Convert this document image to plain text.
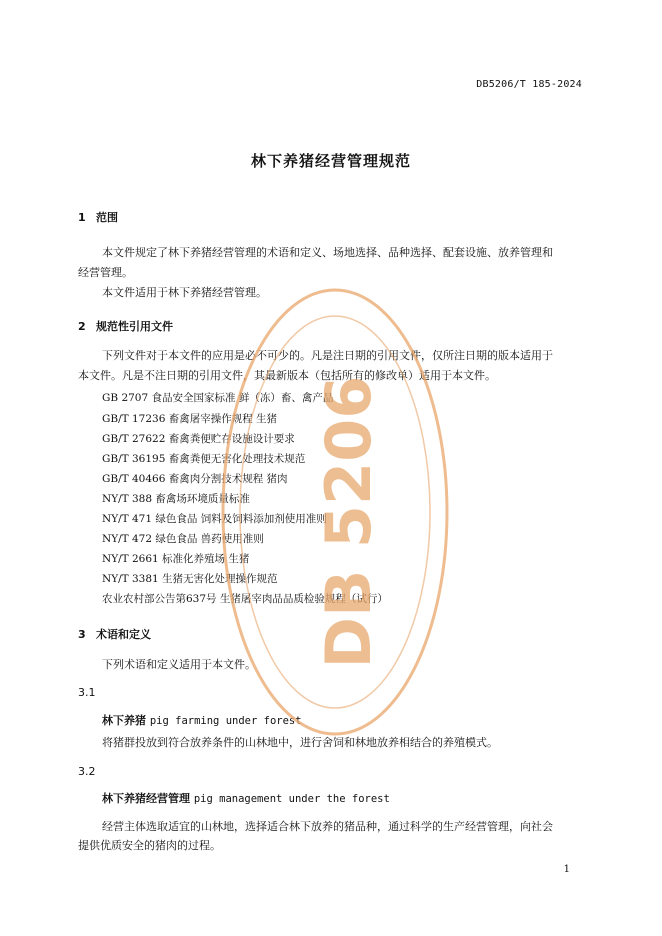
DB5206/T 185-2024
林下养猪经营管理规范
1 范围
本文件规定了林下养猪经营管理的术语和定义、场地选择、品种选择、配套设施、放养管理和
经营管理。
本文件适用于林下养猪经营管理。
2 规范性引用文件
下列文件对于本文件的应用是必不可少的。凡是注日期的引用文件，仅所注日期的版本适用于
本文件。凡是不注日期的引用文件，其最新版本（包括所有的修改单）适用于本文件。
GB 2707 食品安全国家标准 鲜（冻）畜、禽产品
GB/T 17236 畜禽屠宰操作规程 生猪
GB/T 27622 畜禽粪便贮存设施设计要求
GB/T 36195 畜禽粪便无害化处理技术规范
GB/T 40466 畜禽肉分割技术规程 猪肉
NY/T 388 畜禽场环境质量标准
NY/T 471 绿色食品 饲料及饲料添加剂使用准则
NY/T 472 绿色食品 兽药使用准则
NY/T 2661 标准化养殖场 生猪
NY/T 3381 生猪无害化处理操作规范
农业农村部公告第637号 生猪屠宰肉品品质检验规程（试行）
3 术语和定义
下列术语和定义适用于本文件。
3.1
林下养猪 pig farming under forest
将猪群投放到符合放养条件的山林地中，进行舍饲和林地放养相结合的养殖模式。
3.2
林下养猪经营管理 pig management under the forest
经营主体选取适宜的山林地，选择适合林下放养的猪品种，通过科学的生产经营管理，向社会
提供优质安全的猪肉的过程。
DB 5206
1
